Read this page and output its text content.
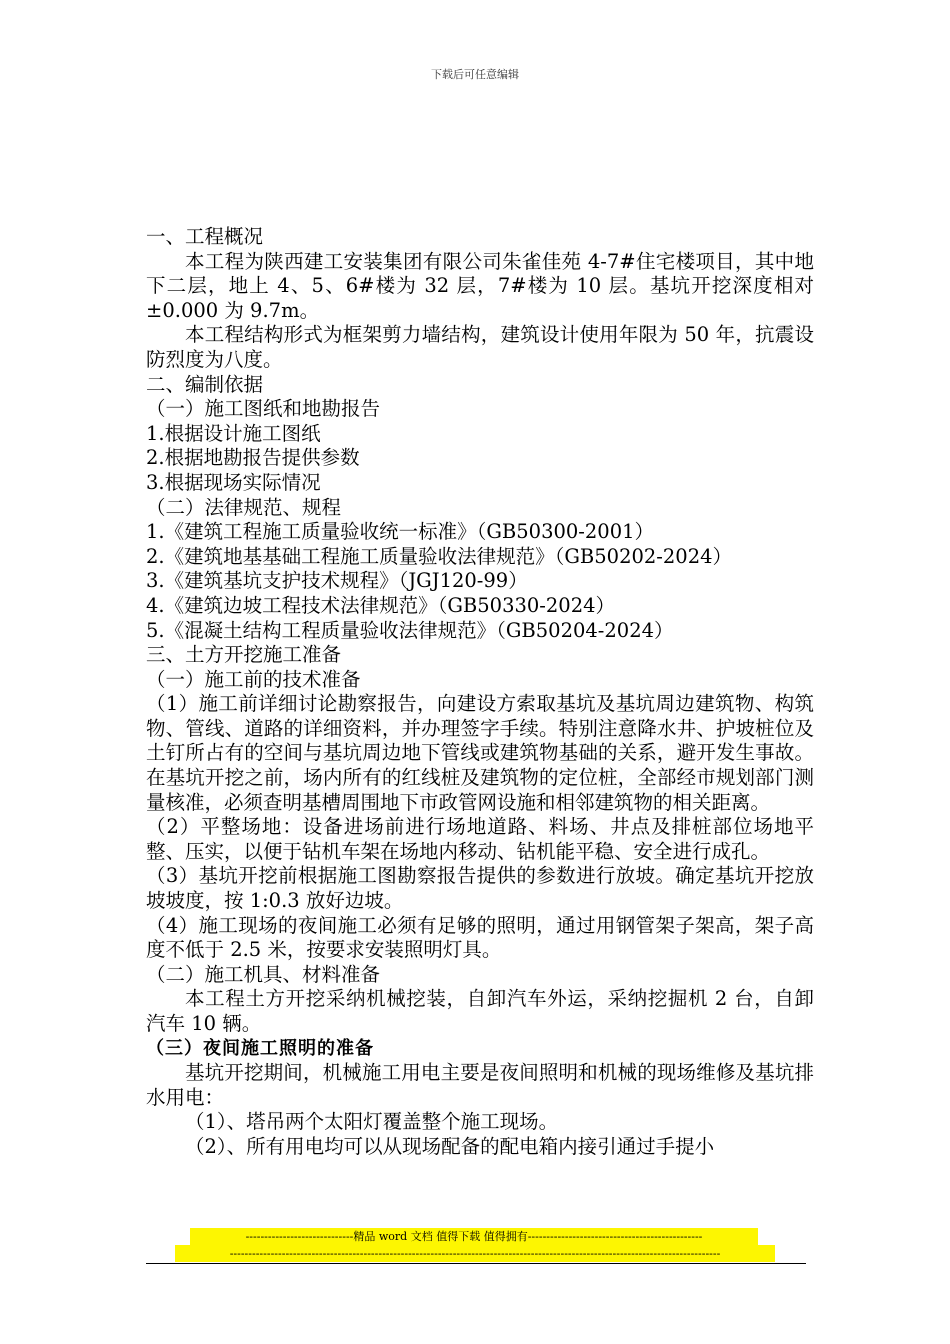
下载后可任意编辑

一、工程概况

本工程为陕西建工安装集团有限公司朱雀佳苑 4-7#住宅楼项目，其中地下二层，地上 4、5、6#楼为 32 层，7#楼为 10 层。基坑开挖深度相对±0.000 为 9.7m。

本工程结构形式为框架剪力墙结构，建筑设计使用年限为 50 年，抗震设防烈度为八度。

二、编制依据

（一）施工图纸和地勘报告

1.根据设计施工图纸

2.根据地勘报告提供参数

3.根据现场实际情况

（二）法律规范、规程

1.《建筑工程施工质量验收统一标准》（GB50300-2001）

2.《建筑地基基础工程施工质量验收法律规范》（GB50202-2024）

3.《建筑基坑支护技术规程》（JGJ120-99）

4.《建筑边坡工程技术法律规范》（GB50330-2024）

5.《混凝土结构工程质量验收法律规范》（GB50204-2024）

三、土方开挖施工准备

（一）施工前的技术准备

（1）施工前详细讨论勘察报告，向建设方索取基坑及基坑周边建筑物、构筑物、管线、道路的详细资料，并办理签字手续。特别注意降水井、护坡桩位及土钉所占有的空间与基坑周边地下管线或建筑物基础的关系，避开发生事故。在基坑开挖之前，场内所有的红线桩及建筑物的定位桩，全部经市规划部门测量核准，必须查明基槽周围地下市政管网设施和相邻建筑物的相关距离。

（2）平整场地：设备进场前进行场地道路、料场、井点及排桩部位场地平整、压实，以便于钻机车架在场地内移动、钻机能平稳、安全进行成孔。

（3）基坑开挖前根据施工图勘察报告提供的参数进行放坡。确定基坑开挖放坡坡度，按 1:0.3 放好边坡。

（4）施工现场的夜间施工必须有足够的照明，通过用钢管架子架高，架子高度不低于 2.5 米，按要求安装照明灯具。

（二）施工机具、材料准备

本工程土方开挖采纳机械挖装，自卸汽车外运，采纳挖掘机 2 台，自卸汽车 10 辆。

（三）夜间施工照明的准备

基坑开挖期间，机械施工用电主要是夜间照明和机械的现场维修及基坑排水用电：

（1）、塔吊两个太阳灯覆盖整个施工现场。

（2）、所有用电均可以从现场配备的配电箱内接引通过手提小

-----------------------------精品 word 文档 值得下载 值得拥有-----------------------------------------------
------------------------------------------------------------------------------------------------------------------------------------
